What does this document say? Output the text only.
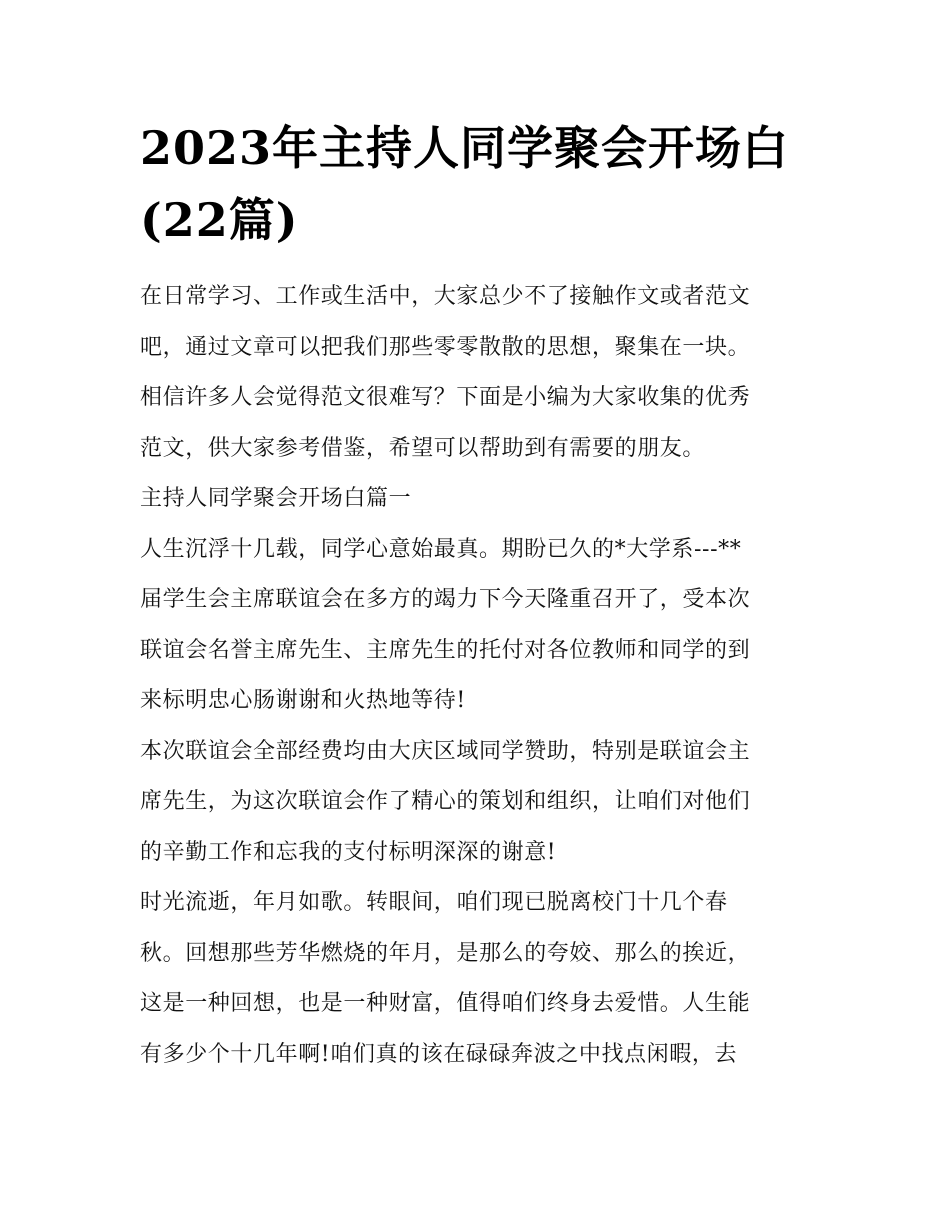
2023年主持人同学聚会开场白
(22篇)
在日常学习、工作或生活中，大家总少不了接触作文或者范文
吧，通过文章可以把我们那些零零散散的思想，聚集在一块。
相信许多人会觉得范文很难写？下面是小编为大家收集的优秀
范文，供大家参考借鉴，希望可以帮助到有需要的朋友。
主持人同学聚会开场白篇一
人生沉浮十几载，同学心意始最真。期盼已久的*大学系---**
届学生会主席联谊会在多方的竭力下今天隆重召开了，受本次
联谊会名誉主席先生、主席先生的托付对各位教师和同学的到
来标明忠心肠谢谢和火热地等待!
本次联谊会全部经费均由大庆区域同学赞助，特别是联谊会主
席先生，为这次联谊会作了精心的策划和组织，让咱们对他们
的辛勤工作和忘我的支付标明深深的谢意!
时光流逝，年月如歌。转眼间，咱们现已脱离校门十几个春
秋。回想那些芳华燃烧的年月，是那么的夸姣、那么的挨近，
这是一种回想，也是一种财富，值得咱们终身去爱惜。人生能
有多少个十几年啊!咱们真的该在碌碌奔波之中找点闲暇，去
